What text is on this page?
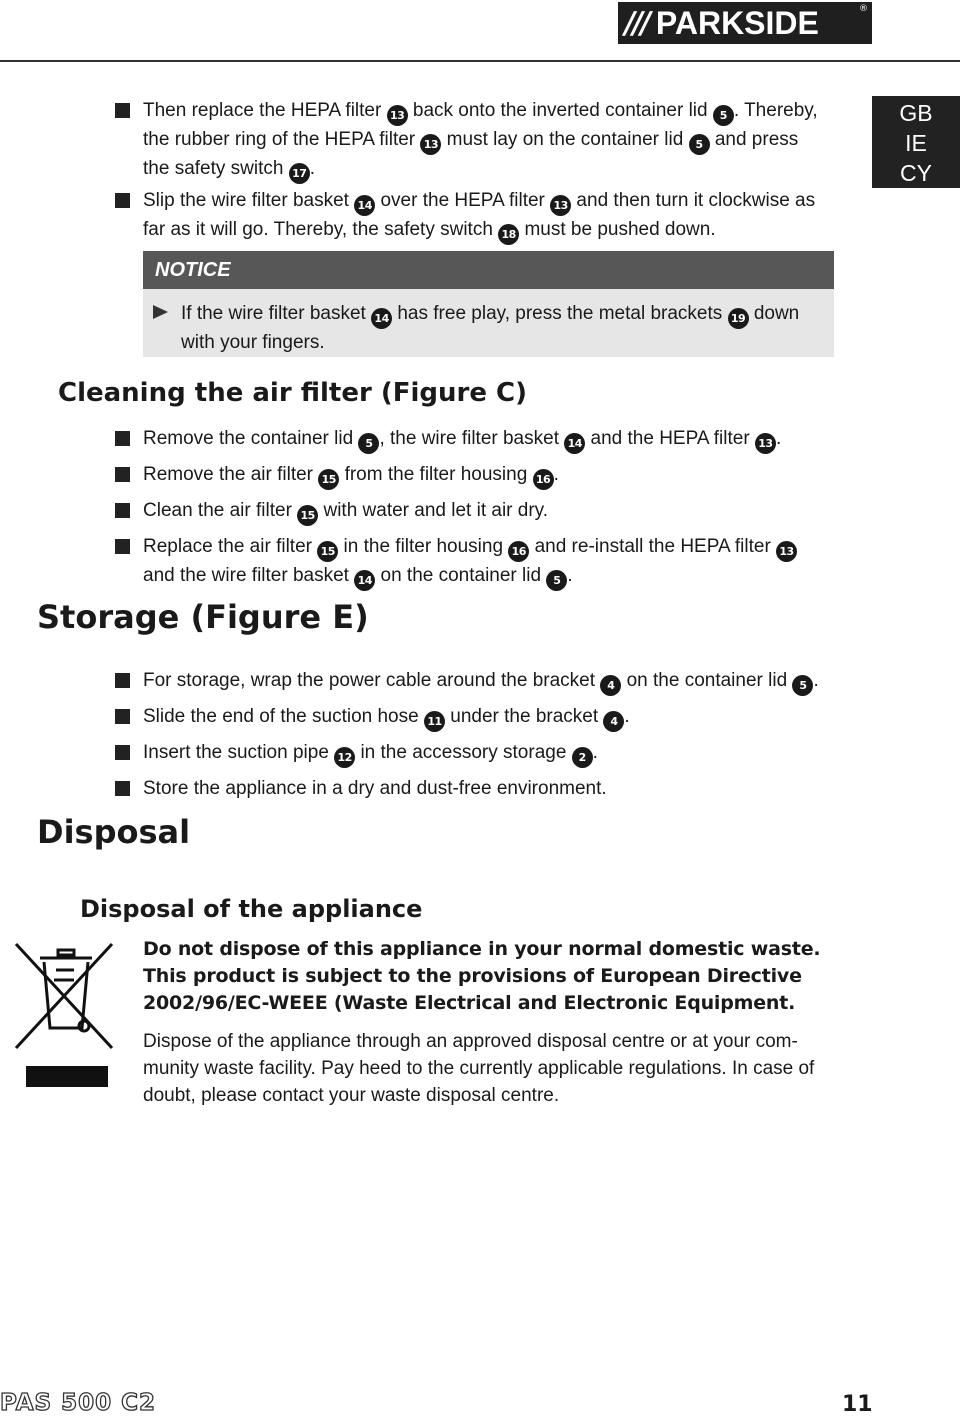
/// PARKSIDE	®
GB
IE
CY
Then replace the HEPA filter 13 back onto the inverted container lid 5 . Thereby,
the rubber ring of the HEPA filter 13 must lay on the container lid 5 and press
the safety switch 17 .
Slip the wire filter basket 14 over the HEPA filter 13 and then turn it clockwise as
far as it will go. Thereby, the safety switch 18 must be pushed down.
NOTICE
If the wire filter basket 14 has free play, press the metal brackets 19 down
with your fingers.
Cleaning the air filter (Figure C)
Remove the container lid 5 , the wire filter basket 14 and the HEPA filter 13 .
Remove the air filter 15 from the filter housing 16 .
Clean the air filter 15 with water and let it air dry.
Replace the air filter 15 in the filter housing 16 and re-install the HEPA filter 13
and the wire filter basket 14 on the container lid 5 .
Storage (Figure E)
For storage, wrap the power cable around the bracket 4 on the container lid 5 .
Slide the end of the suction hose 11 under the bracket 4 .
Insert the suction pipe 12 in the accessory storage 2 .
Store the appliance in a dry and dust-free environment.
Disposal
Disposal of the appliance
Do not dispose of this appliance in your normal domestic waste.
This product is subject to the provisions of European Directive
2002/96/EC-WEEE (Waste Electrical and Electronic Equipment.
Dispose of the appliance through an approved disposal centre or at your com-
munity waste facility. Pay heed to the currently applicable regulations. In case of
doubt, please contact your waste disposal centre.
PAS 500 C2	11
